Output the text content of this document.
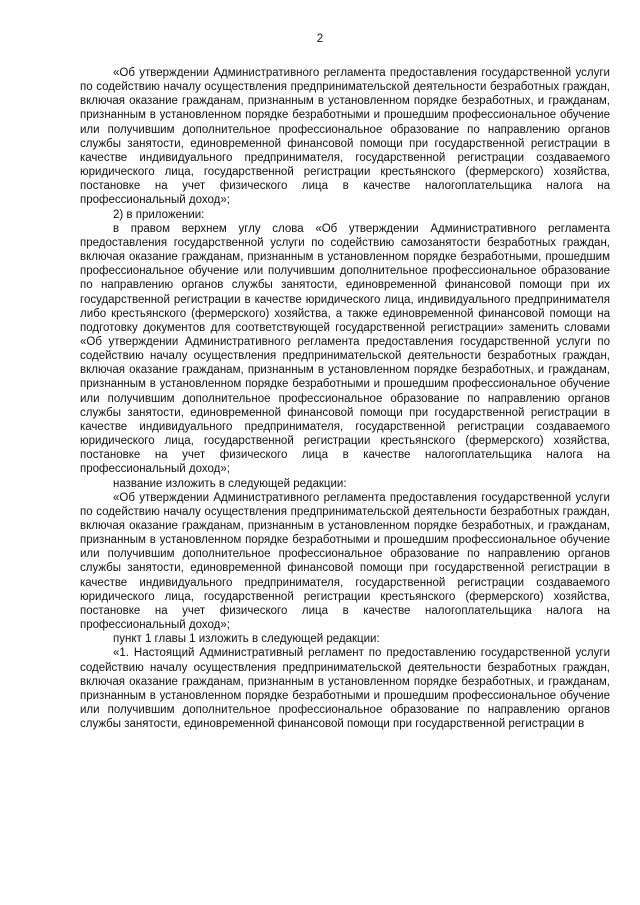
2

«Об утверждении Административного регламента предоставления государственной услуги по содействию началу осуществления предпринимательской деятельности безработных граждан, включая оказание гражданам, признанным в установленном порядке безработных, и гражданам, признанным в установленном порядке безработными и прошедшим профессиональное обучение или получившим дополнительное профессиональное образование по направлению органов службы занятости, единовременной финансовой помощи при государственной регистрации в качестве индивидуального предпринимателя, государственной регистрации создаваемого юридического лица, государственной регистрации крестьянского (фермерского) хозяйства, постановке на учет физического лица в качестве налогоплательщика налога на профессиональный доход»;

2) в приложении:

в правом верхнем углу слова «Об утверждении Административного регламента предоставления государственной услуги по содействию самозанятости безработных граждан, включая оказание гражданам, признанным в установленном порядке безработными, прошедшим профессиональное обучение или получившим дополнительное профессиональное образование по направлению органов службы занятости, единовременной финансовой помощи при их государственной регистрации в качестве юридического лица, индивидуального предпринимателя либо крестьянского (фермерского) хозяйства, а также единовременной финансовой помощи на подготовку документов для соответствующей государственной регистрации» заменить словами «Об утверждении Административного регламента предоставления государственной услуги по содействию началу осуществления предпринимательской деятельности безработных граждан, включая оказание гражданам, признанным в установленном порядке безработных, и гражданам, признанным в установленном порядке безработными и прошедшим профессиональное обучение или получившим дополнительное профессиональное образование по направлению органов службы занятости, единовременной финансовой помощи при государственной регистрации в качестве индивидуального предпринимателя, государственной регистрации создаваемого юридического лица, государственной регистрации крестьянского (фермерского) хозяйства, постановке на учет физического лица в качестве налогоплательщика налога на профессиональный доход»;

название изложить в следующей редакции:

«Об утверждении Административного регламента предоставления государственной услуги по содействию началу осуществления предпринимательской деятельности безработных граждан, включая оказание гражданам, признанным в установленном порядке безработных, и гражданам, признанным в установленном порядке безработными и прошедшим профессиональное обучение или получившим дополнительное профессиональное образование по направлению органов службы занятости, единовременной финансовой помощи при государственной регистрации в качестве индивидуального предпринимателя, государственной регистрации создаваемого юридического лица, государственной регистрации крестьянского (фермерского) хозяйства, постановке на учет физического лица в качестве налогоплательщика налога на профессиональный доход»;

пункт 1 главы 1 изложить в следующей редакции:

«1. Настоящий Административный регламент по предоставлению государственной услуги содействию началу осуществления предпринимательской деятельности безработных граждан, включая оказание гражданам, признанным в установленном порядке безработных, и гражданам, признанным в установленном порядке безработными и прошедшим профессиональное обучение или получившим дополнительное профессиональное образование по направлению органов службы занятости, единовременной финансовой помощи при государственной регистрации в
